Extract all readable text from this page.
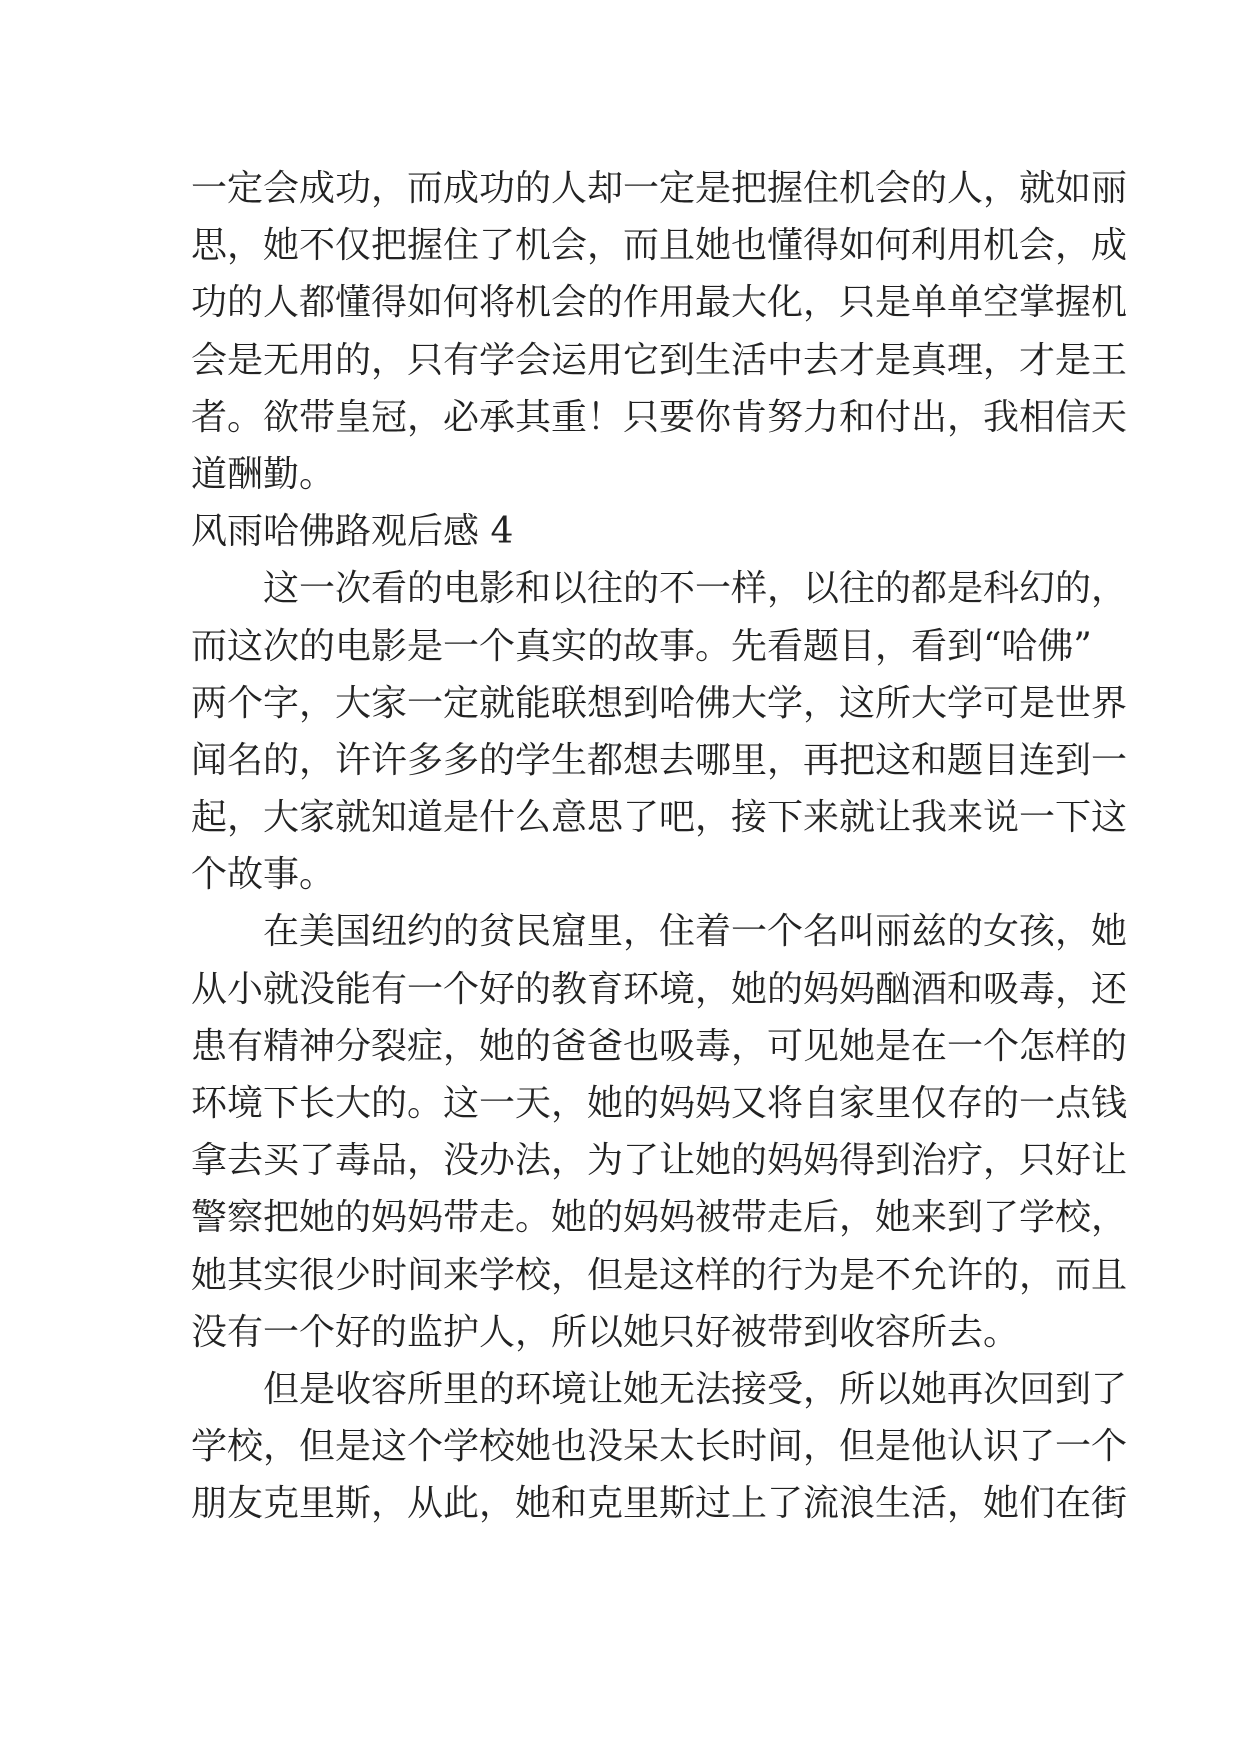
一定会成功，而成功的人却一定是把握住机会的人，就如丽
思，她不仅把握住了机会，而且她也懂得如何利用机会，成
功的人都懂得如何将机会的作用最大化，只是单单空掌握机
会是无用的，只有学会运用它到生活中去才是真理，才是王
者。欲带皇冠，必承其重！只要你肯努力和付出，我相信天
道酬勤。
风雨哈佛路观后感 4
这一次看的电影和以往的不一样，以往的都是科幻的，
而这次的电影是一个真实的故事。先看题目，看到“哈佛”
两个字，大家一定就能联想到哈佛大学，这所大学可是世界
闻名的，许许多多的学生都想去哪里，再把这和题目连到一
起，大家就知道是什么意思了吧，接下来就让我来说一下这
个故事。
在美国纽约的贫民窟里，住着一个名叫丽兹的女孩，她
从小就没能有一个好的教育环境，她的妈妈酗酒和吸毒，还
患有精神分裂症，她的爸爸也吸毒，可见她是在一个怎样的
环境下长大的。这一天，她的妈妈又将自家里仅存的一点钱
拿去买了毒品，没办法，为了让她的妈妈得到治疗，只好让
警察把她的妈妈带走。她的妈妈被带走后，她来到了学校，
她其实很少时间来学校，但是这样的行为是不允许的，而且
没有一个好的监护人，所以她只好被带到收容所去。
但是收容所里的环境让她无法接受，所以她再次回到了
学校，但是这个学校她也没呆太长时间，但是他认识了一个
朋友克里斯，从此，她和克里斯过上了流浪生活，她们在街
